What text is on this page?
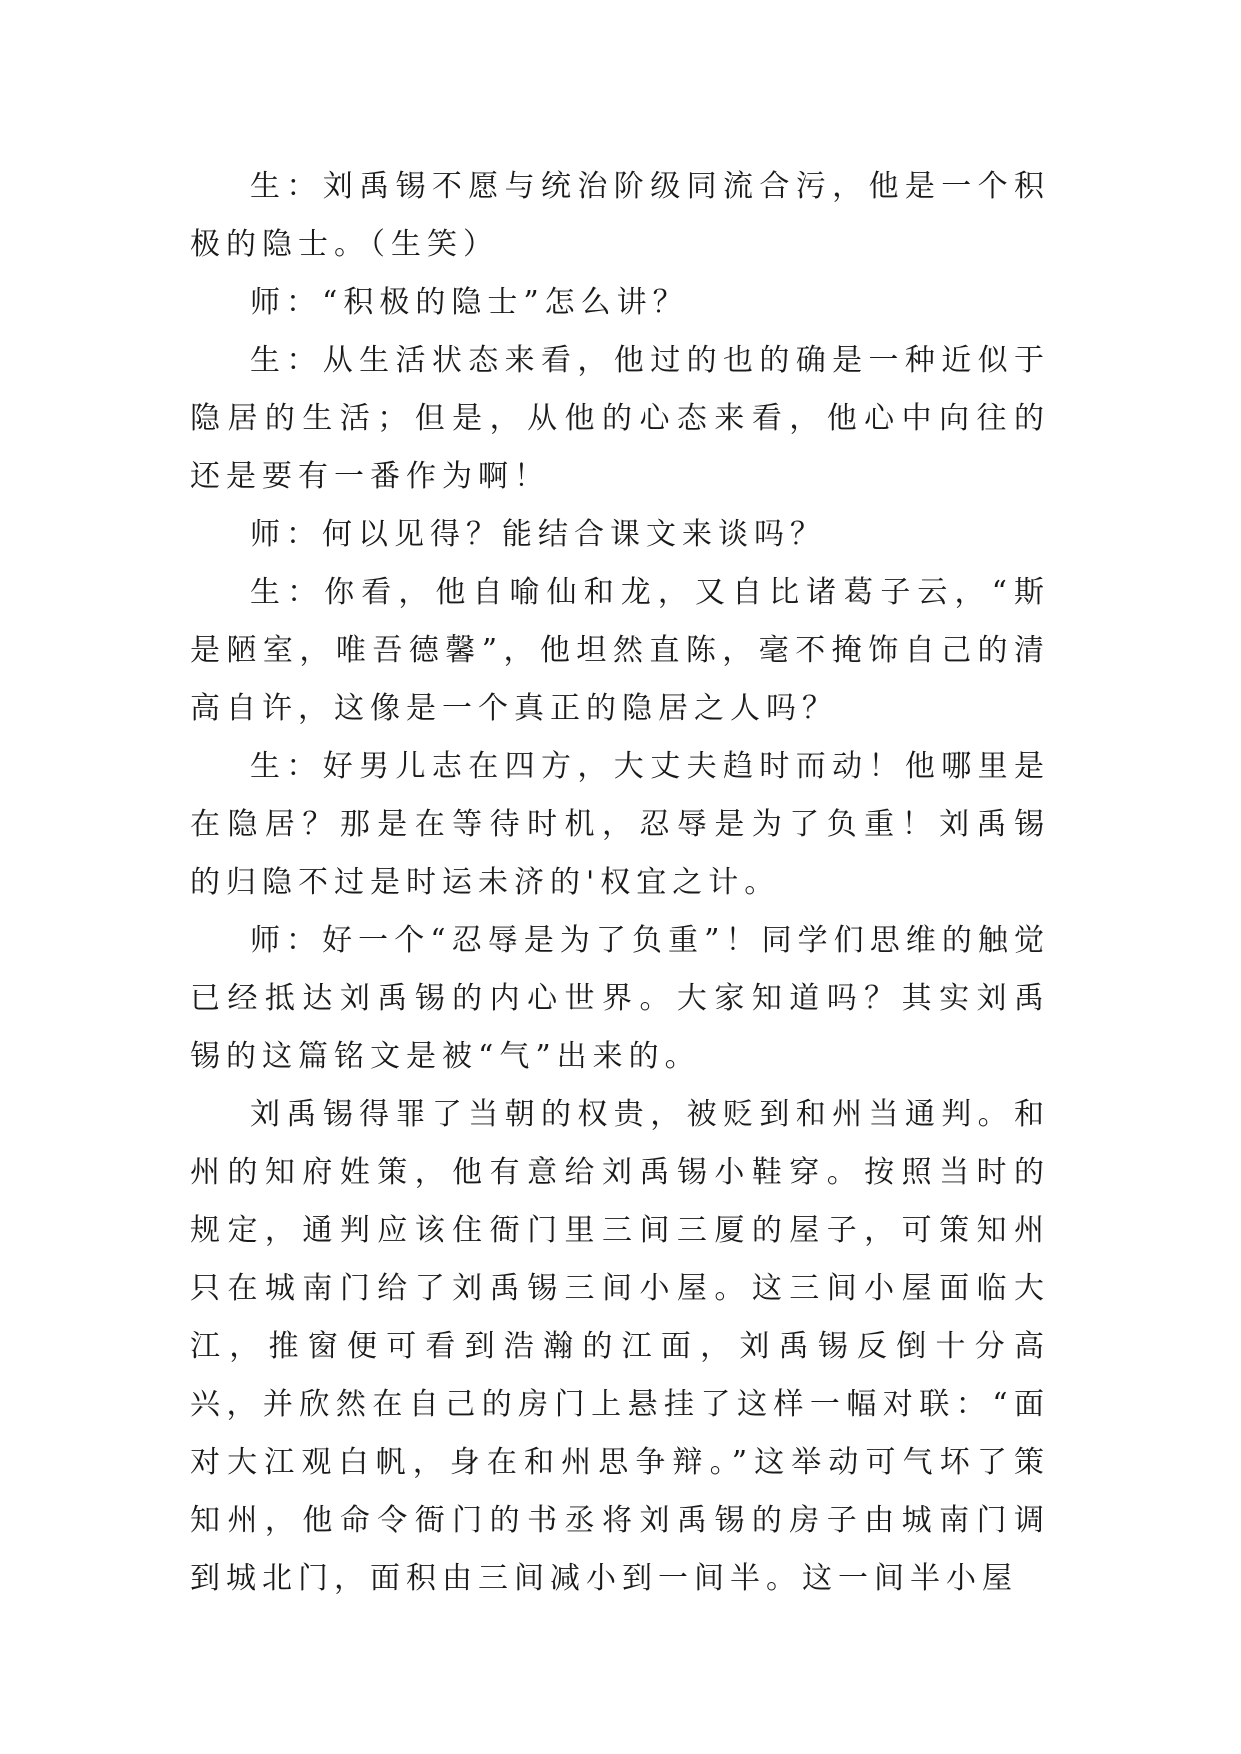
生：刘禹锡不愿与统治阶级同流合污，他是一个积极的隐士。（生笑）

师：“积极的隐士”怎么讲？

生：从生活状态来看，他过的也的确是一种近似于隐居的生活；但是，从他的心态来看，他心中向往的还是要有一番作为啊！

师：何以见得？能结合课文来谈吗？

生：你看，他自喻仙和龙，又自比诸葛子云，“斯是陋室，唯吾德馨”，他坦然直陈，毫不掩饰自己的清高自许，这像是一个真正的隐居之人吗？

生：好男儿志在四方，大丈夫趋时而动！他哪里是在隐居？那是在等待时机，忍辱是为了负重！刘禹锡的归隐不过是时运未济的'权宜之计。

师：好一个“忍辱是为了负重”！同学们思维的触觉已经抵达刘禹锡的内心世界。大家知道吗？其实刘禹锡的这篇铭文是被“气”出来的。

刘禹锡得罪了当朝的权贵，被贬到和州当通判。和州的知府姓策，他有意给刘禹锡小鞋穿。按照当时的规定，通判应该住衙门里三间三厦的屋子，可策知州只在城南门给了刘禹锡三间小屋。这三间小屋面临大江，推窗便可看到浩瀚的江面，刘禹锡反倒十分高兴，并欣然在自己的房门上悬挂了这样一幅对联：“面对大江观白帆，身在和州思争辩。”这举动可气坏了策知州，他命令衙门的书丞将刘禹锡的房子由城南门调到城北门，面积由三间减小到一间半。这一间半小屋
